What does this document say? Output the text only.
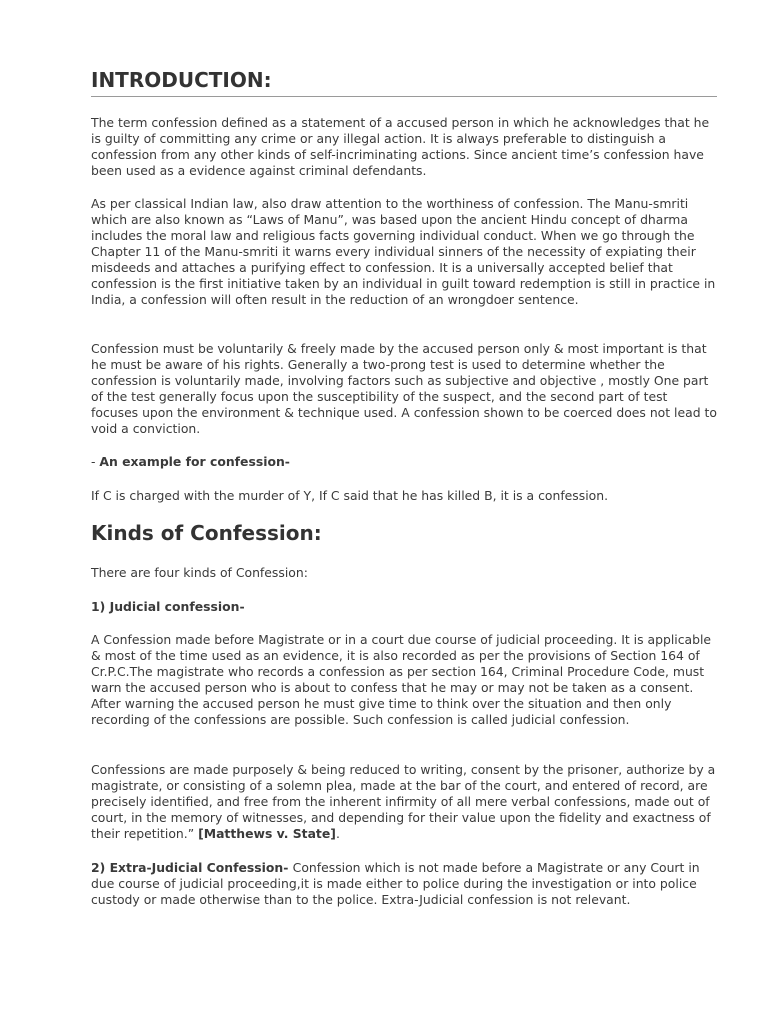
INTRODUCTION:

The term confession defined as a statement of a accused person in which he acknowledges that he is guilty of committing any crime or any illegal action. It is always preferable to distinguish a confession from any other kinds of self-incriminating actions. Since ancient time’s confession have been used as a evidence against criminal defendants.

As per classical Indian law, also draw attention to the worthiness of confession. The Manu-smriti which are also known as “Laws of Manu”, was based upon the ancient Hindu concept of dharma includes the moral law and religious facts governing individual conduct. When we go through the Chapter 11 of the Manu-smriti it warns every individual sinners of the necessity of expiating their misdeeds and attaches a purifying effect to confession. It is a universally accepted belief that confession is the first initiative taken by an individual in guilt toward redemption is still in practice in India, a confession will often result in the reduction of an wrongdoer sentence.

Confession must be voluntarily & freely made by the accused person only & most important is that he must be aware of his rights. Generally a two-prong test is used to determine whether the confession is voluntarily made, involving factors such as subjective and objective , mostly One part of the test generally focus upon the susceptibility of the suspect, and the second part of test focuses upon the environment & technique used. A confession shown to be coerced does not lead to void a conviction.

- An example for confession-

If C is charged with the murder of Y, If C said that he has killed B, it is a confession.

Kinds of Confession:

There are four kinds of Confession:

1) Judicial confession-

A Confession made before Magistrate or in a court due course of judicial proceeding. It is applicable & most of the time used as an evidence, it is also recorded as per the provisions of Section 164 of Cr.P.C.The magistrate who records a confession as per section 164, Criminal Procedure Code, must warn the accused person who is about to confess that he may or may not be taken as a consent. After warning the accused person he must give time to think over the situation and then only recording of the confessions are possible. Such confession is called judicial confession.

Confessions are made purposely & being reduced to writing, consent by the prisoner, authorize by a magistrate, or consisting of a solemn plea, made at the bar of the court, and entered of record, are precisely identified, and free from the inherent infirmity of all mere verbal confessions, made out of court, in the memory of witnesses, and depending for their value upon the fidelity and exactness of their repetition.” [Matthews v. State].

2) Extra-Judicial Confession- Confession which is not made before a Magistrate or any Court in due course of judicial proceeding,it is made either to police during the investigation or into police custody or made otherwise than to the police. Extra-Judicial confession is not relevant.
